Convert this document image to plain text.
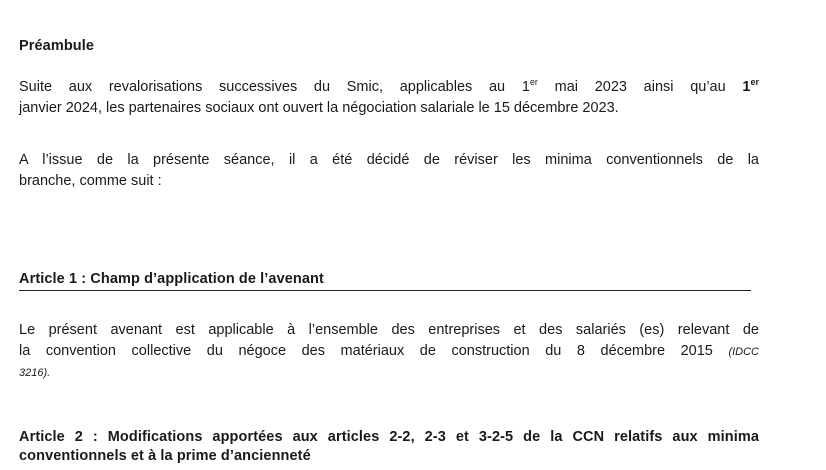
Préambule
Suite aux revalorisations successives du Smic, applicables au 1er mai 2023 ainsi qu’au 1er
janvier 2024, les partenaires sociaux ont ouvert la négociation salariale le 15 décembre 2023.
A l’issue de la présente séance, il a été décidé de réviser les minima conventionnels de la
branche, comme suit :
Article 1 : Champ d’application de l’avenant
Le présent avenant est applicable à l’ensemble des entreprises et des salariés (es) relevant de
la convention collective du négoce des matériaux de construction du 8 décembre 2015 (IDCC
3216).
Article 2 : Modifications apportées aux articles 2-2, 2-3 et 3-2-5 de la CCN relatifs aux minima
conventionnels et à la prime d’ancienneté
